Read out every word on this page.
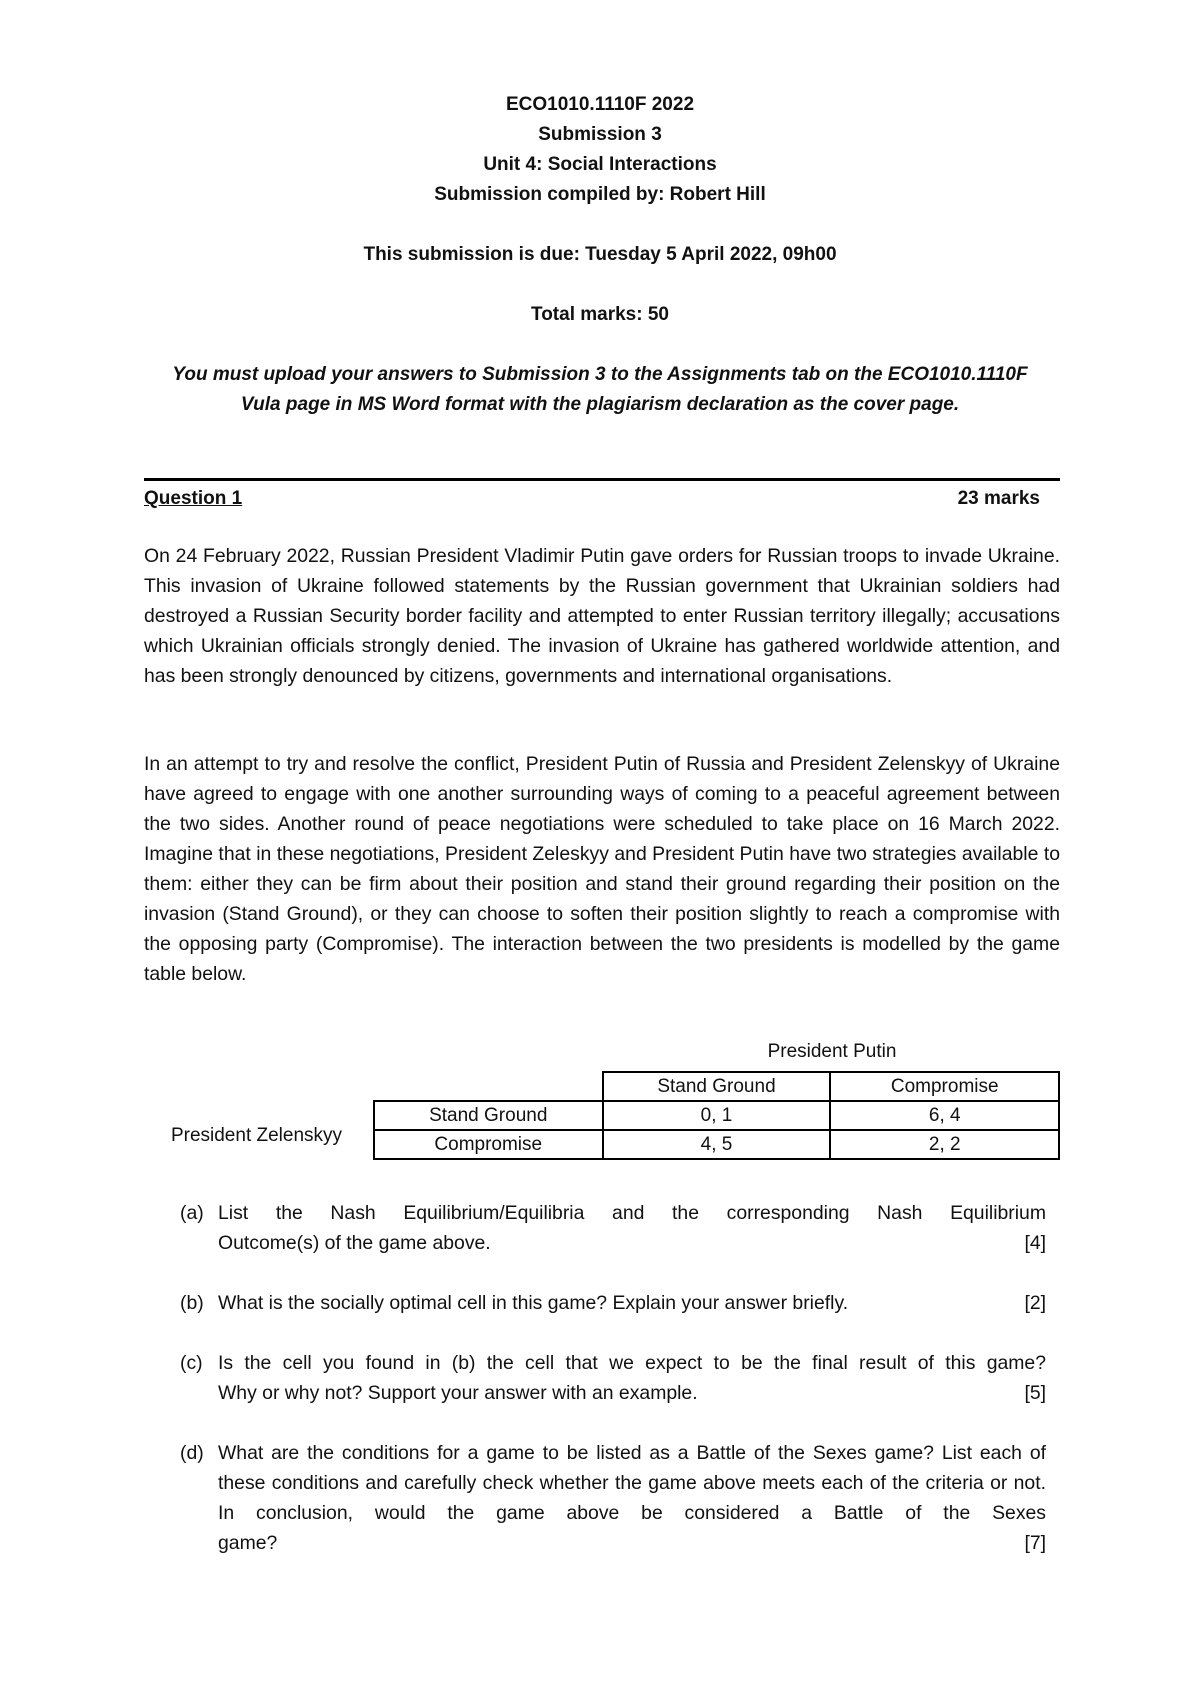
ECO1010.1110F 2022
Submission 3
Unit 4: Social Interactions
Submission compiled by: Robert Hill
This submission is due: Tuesday 5 April 2022, 09h00
Total marks: 50
You must upload your answers to Submission 3 to the Assignments tab on the ECO1010.1110F Vula page in MS Word format with the plagiarism declaration as the cover page.
Question 1	23 marks
On 24 February 2022, Russian President Vladimir Putin gave orders for Russian troops to invade Ukraine. This invasion of Ukraine followed statements by the Russian government that Ukrainian soldiers had destroyed a Russian Security border facility and attempted to enter Russian territory illegally; accusations which Ukrainian officials strongly denied. The invasion of Ukraine has gathered worldwide attention, and has been strongly denounced by citizens, governments and international organisations.
In an attempt to try and resolve the conflict, President Putin of Russia and President Zelenskyy of Ukraine have agreed to engage with one another surrounding ways of coming to a peaceful agreement between the two sides. Another round of peace negotiations were scheduled to take place on 16 March 2022. Imagine that in these negotiations, President Zeleskyy and President Putin have two strategies available to them: either they can be firm about their position and stand their ground regarding their position on the invasion (Stand Ground), or they can choose to soften their position slightly to reach a compromise with the opposing party (Compromise). The interaction between the two presidents is modelled by the game table below.
President Putin
President Zelenskyy
	Stand Ground	Compromise
Stand Ground	0, 1	6, 4
Compromise	4, 5	2, 2
(a) List the Nash Equilibrium/Equilibria and the corresponding Nash Equilibrium
Outcome(s) of the game above.	[4]
(b) What is the socially optimal cell in this game? Explain your answer briefly.	[2]
(c) Is the cell you found in (b) the cell that we expect to be the final result of this game?
Why or why not? Support your answer with an example.	[5]
(d) What are the conditions for a game to be listed as a Battle of the Sexes game? List each of these conditions and carefully check whether the game above meets each of the criteria or not. In conclusion, would the game above be considered a Battle of the Sexes
game?	[7]
